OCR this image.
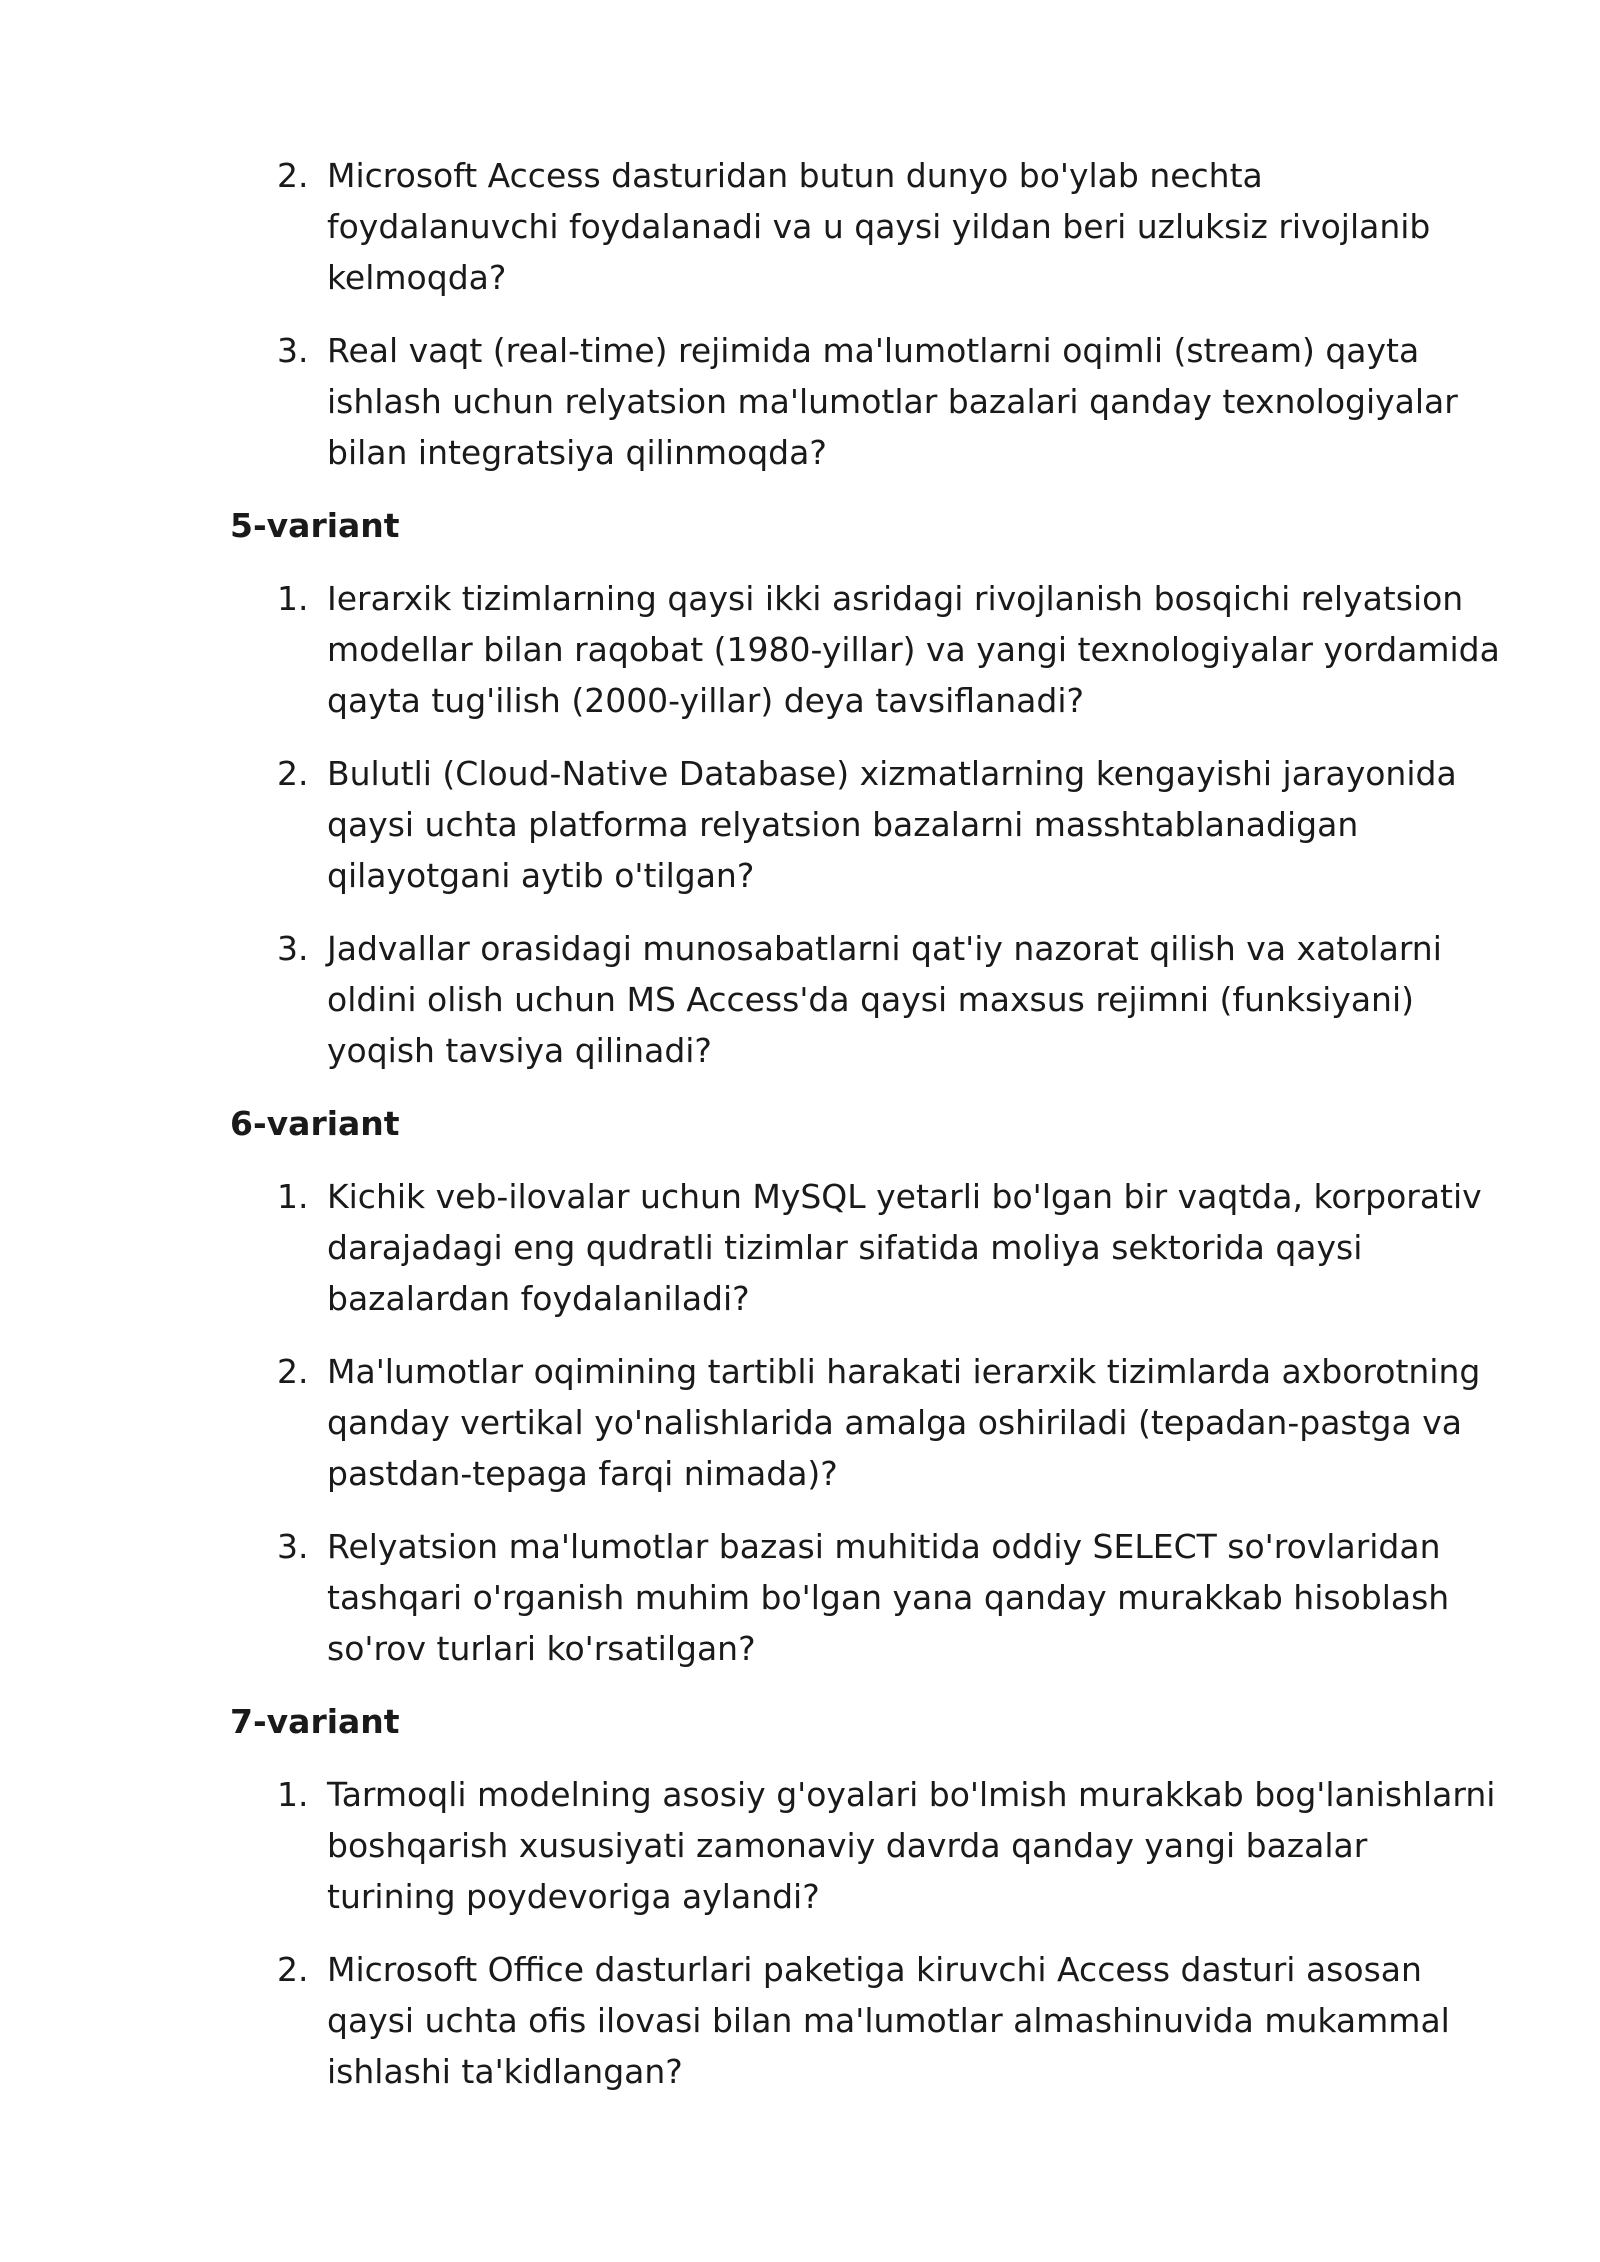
2. Microsoft Access dasturidan butun dunyo bo'ylab nechta foydalanuvchi foydalanadi va u qaysi yildan beri uzluksiz rivojlanib kelmoqda?
3. Real vaqt (real-time) rejimida ma'lumotlarni oqimli (stream) qayta ishlash uchun relyatsion ma'lumotlar bazalari qanday texnologiyalar bilan integratsiya qilinmoqda?
5-variant
1. Ierarxik tizimlarning qaysi ikki asridagi rivojlanish bosqichi relyatsion modellar bilan raqobat (1980-yillar) va yangi texnologiyalar yordamida qayta tug'ilish (2000-yillar) deya tavsiflanadi?
2. Bulutli (Cloud-Native Database) xizmatlarning kengayishi jarayonida qaysi uchta platforma relyatsion bazalarni masshtablanadigan qilayotgani aytib o'tilgan?
3. Jadvallar orasidagi munosabatlarni qat'iy nazorat qilish va xatolarni oldini olish uchun MS Access'da qaysi maxsus rejimni (funksiyani) yoqish tavsiya qilinadi?
6-variant
1. Kichik veb-ilovalar uchun MySQL yetarli bo'lgan bir vaqtda, korporativ darajadagi eng qudratli tizimlar sifatida moliya sektorida qaysi bazalardan foydalaniladi?
2. Ma'lumotlar oqimining tartibli harakati ierarxik tizimlarda axborotning qanday vertikal yo'nalishlarida amalga oshiriladi (tepadan-pastga va pastdan-tepaga farqi nimada)?
3. Relyatsion ma'lumotlar bazasi muhitida oddiy SELECT so'rovlaridan tashqari o'rganish muhim bo'lgan yana qanday murakkab hisoblash so'rov turlari ko'rsatilgan?
7-variant
1. Tarmoqli modelning asosiy g'oyalari bo'lmish murakkab bog'lanishlarni boshqarish xususiyati zamonaviy davrda qanday yangi bazalar turining poydevoriga aylandi?
2. Microsoft Office dasturlari paketiga kiruvchi Access dasturi asosan qaysi uchta ofis ilovasi bilan ma'lumotlar almashinuvida mukammal ishlashi ta'kidlangan?
